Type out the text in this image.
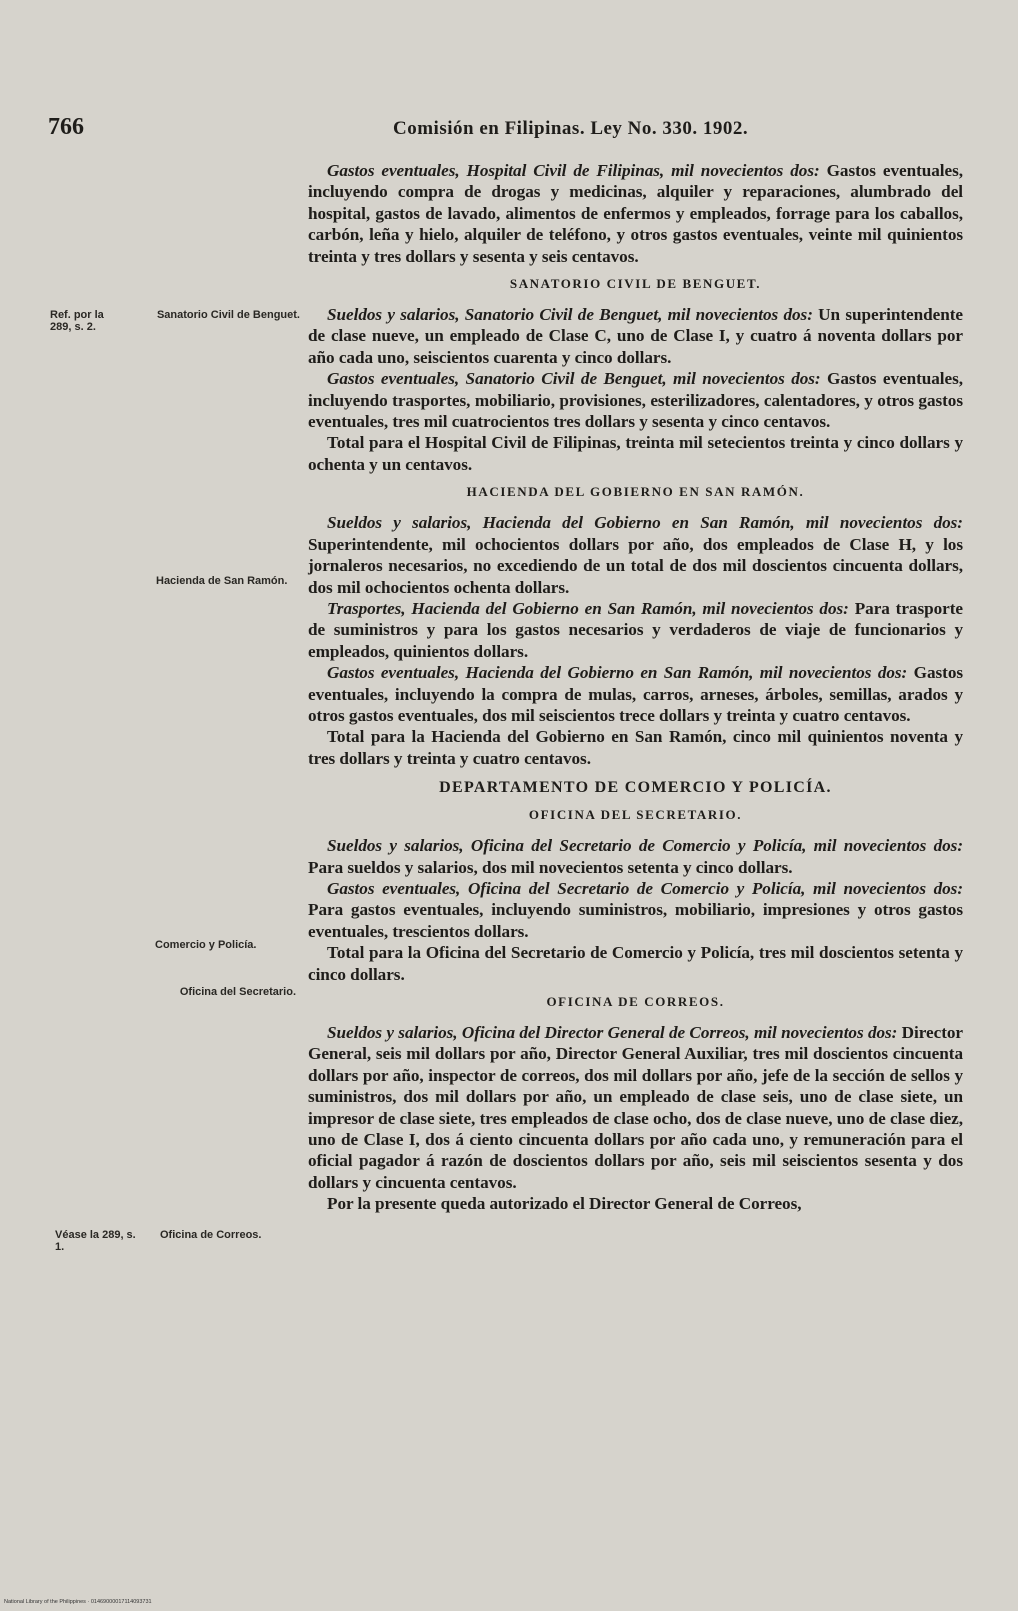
766	Comisión en Filipinas. Ley No. 330. 1902.
Ref. por la 289, s. 2.
Sanatorio Civil de Benguet.
Hacienda de San Ramón.
Comercio y Policía.
Oficina del Secretario.
Véase la 289, s. 1.
Oficina de Correos.

Gastos eventuales, Hospital Civil de Filipinas, mil novecientos dos: Gastos eventuales, incluyendo compra de drogas y medicinas, alquiler y reparaciones, alumbrado del hospital, gastos de lavado, alimentos de enfermos y empleados, forrage para los caballos, carbón, leña y hielo, alquiler de teléfono, y otros gastos eventuales, veinte mil quinientos treinta y tres dollars y sesenta y seis centavos.

SANATORIO CIVIL DE BENGUET.

Sueldos y salarios, Sanatorio Civil de Benguet, mil novecientos dos: Un superintendente de clase nueve, un empleado de Clase C, uno de Clase I, y cuatro á noventa dollars por año cada uno, seiscientos cuarenta y cinco dollars.

Gastos eventuales, Sanatorio Civil de Benguet, mil novecientos dos: Gastos eventuales, incluyendo trasportes, mobiliario, provisiones, esterilizadores, calentadores, y otros gastos eventuales, tres mil cuatrocientos tres dollars y sesenta y cinco centavos.

Total para el Hospital Civil de Filipinas, treinta mil setecientos treinta y cinco dollars y ochenta y un centavos.

HACIENDA DEL GOBIERNO EN SAN RAMÓN.

Sueldos y salarios, Hacienda del Gobierno en San Ramón, mil novecientos dos: Superintendente, mil ochocientos dollars por año, dos empleados de Clase H, y los jornaleros necesarios, no excediendo de un total de dos mil doscientos cincuenta dollars, dos mil ochocientos ochenta dollars.

Trasportes, Hacienda del Gobierno en San Ramón, mil novecientos dos: Para trasporte de suministros y para los gastos necesarios y verdaderos de viaje de funcionarios y empleados, quinientos dollars.

Gastos eventuales, Hacienda del Gobierno en San Ramón, mil novecientos dos: Gastos eventuales, incluyendo la compra de mulas, carros, arneses, árboles, semillas, arados y otros gastos eventuales, dos mil seiscientos trece dollars y treinta y cuatro centavos.

Total para la Hacienda del Gobierno en San Ramón, cinco mil quinientos noventa y tres dollars y treinta y cuatro centavos.

DEPARTAMENTO DE COMERCIO Y POLICÍA.
OFICINA DEL SECRETARIO.

Sueldos y salarios, Oficina del Secretario de Comercio y Policía, mil novecientos dos: Para sueldos y salarios, dos mil novecientos setenta y cinco dollars.

Gastos eventuales, Oficina del Secretario de Comercio y Policía, mil novecientos dos: Para gastos eventuales, incluyendo suministros, mobiliario, impresiones y otros gastos eventuales, trescientos dollars.

Total para la Oficina del Secretario de Comercio y Policía, tres mil doscientos setenta y cinco dollars.

OFICINA DE CORREOS.

Sueldos y salarios, Oficina del Director General de Correos, mil novecientos dos: Director General, seis mil dollars por año, Director General Auxiliar, tres mil doscientos cincuenta dollars por año, inspector de correos, dos mil dollars por año, jefe de la sección de sellos y suministros, dos mil dollars por año, un empleado de clase seis, uno de clase siete, un impresor de clase siete, tres empleados de clase ocho, dos de clase nueve, uno de clase diez, uno de Clase I, dos á ciento cincuenta dollars por año cada uno, y remuneración para el oficial pagador á razón de doscientos dollars por año, seis mil seiscientos sesenta y dos dollars y cincuenta centavos.

Por la presente queda autorizado el Director General de Correos,

National Library of the Philippines · 01469000017114093731
